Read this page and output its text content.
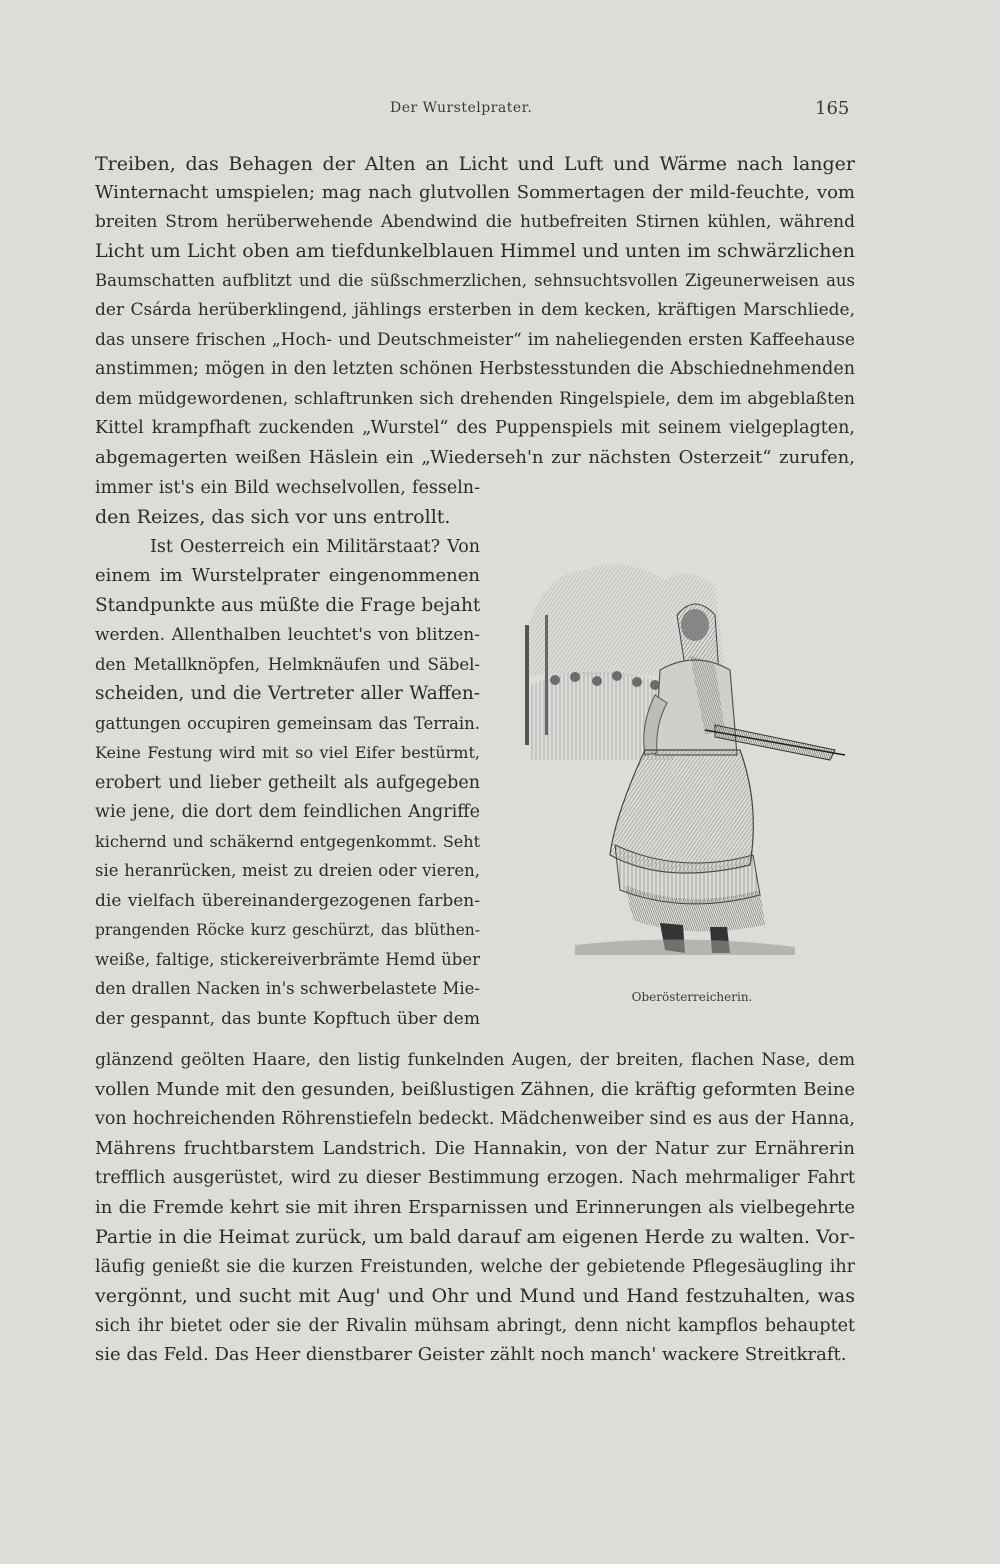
Der Wurstelprater.	165
Treiben, das Behagen der Alten an Licht und Luft und Wärme nach langer
Winternacht umspielen; mag nach glutvollen Sommertagen der mild-feuchte, vom
breiten Strom herüberwehende Abendwind die hutbefreiten Stirnen kühlen, während
Licht um Licht oben am tiefdunkelblauen Himmel und unten im schwärzlichen
Baumschatten aufblitzt und die süßschmerzlichen, sehnsuchtsvollen Zigeunerweisen aus
der Csárda herüberklingend, jählings ersterben in dem kecken, kräftigen Marschliede,
das unsere frischen „Hoch- und Deutschmeister“ im naheliegenden ersten Kaffeehause
anstimmen; mögen in den letzten schönen Herbstesstunden die Abschiednehmenden
dem müdgewordenen, schlaftrunken sich drehenden Ringelspiele, dem im abgeblaßten
Kittel krampfhaft zuckenden „Wurstel“ des Puppenspiels mit seinem vielgeplagten,
abgemagerten weißen Häslein ein „Wiederseh'n zur nächsten Osterzeit“ zurufen,
immer ist's ein Bild wechselvollen, fesseln-
den Reizes, das sich vor uns entrollt.
Ist Oesterreich ein Militärstaat? Von
einem im Wurstelprater eingenommenen
Standpunkte aus müßte die Frage bejaht
werden. Allenthalben leuchtet's von blitzen-
den Metallknöpfen, Helmknäufen und Säbel-
scheiden, und die Vertreter aller Waffen-
gattungen occupiren gemeinsam das Terrain.
Keine Festung wird mit so viel Eifer bestürmt,
erobert und lieber getheilt als aufgegeben
wie jene, die dort dem feindlichen Angriffe
kichernd und schäkernd entgegenkommt. Seht
sie heranrücken, meist zu dreien oder vieren,
die vielfach übereinandergezogenen farben-
prangenden Röcke kurz geschürzt, das blüthen-
weiße, faltige, stickereiverbrämte Hemd über
den drallen Nacken in's schwerbelastete Mie-
der gespannt, das bunte Kopftuch über dem
glänzend geölten Haare, den listig funkelnden Augen, der breiten, flachen Nase, dem
vollen Munde mit den gesunden, beißlustigen Zähnen, die kräftig geformten Beine
von hochreichenden Röhrenstiefeln bedeckt. Mädchenweiber sind es aus der Hanna,
Mährens fruchtbarstem Landstrich. Die Hannakin, von der Natur zur Ernährerin
trefflich ausgerüstet, wird zu dieser Bestimmung erzogen. Nach mehrmaliger Fahrt
in die Fremde kehrt sie mit ihren Ersparnissen und Erinnerungen als vielbegehrte
Partie in die Heimat zurück, um bald darauf am eigenen Herde zu walten. Vor-
läufig genießt sie die kurzen Freistunden, welche der gebietende Pflegesäugling ihr
vergönnt, und sucht mit Aug' und Ohr und Mund und Hand festzuhalten, was
sich ihr bietet oder sie der Rivalin mühsam abringt, denn nicht kampflos behauptet
sie das Feld. Das Heer dienstbarer Geister zählt noch manch' wackere Streitkraft.
Oberösterreicherin.
